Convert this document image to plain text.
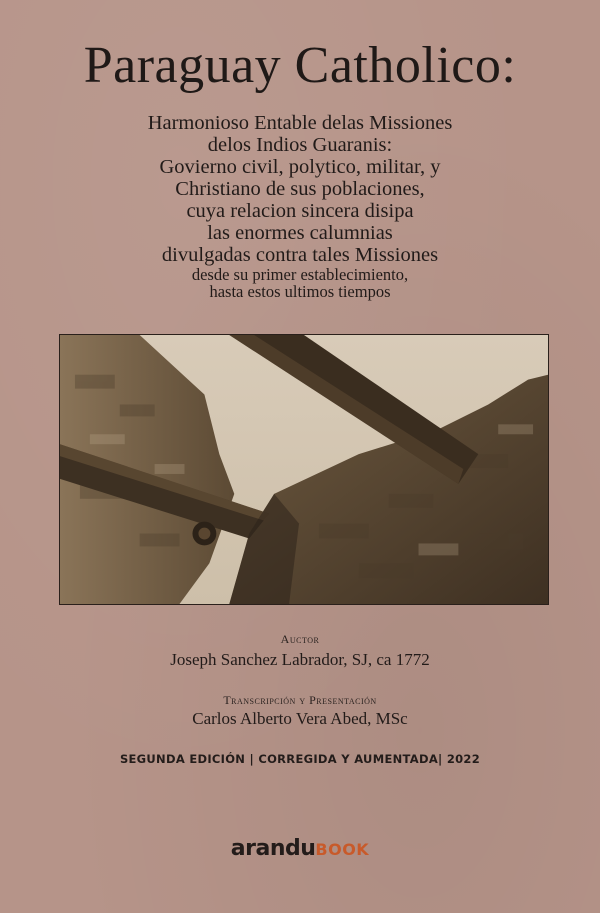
Paraguay Catholico:
Harmonioso Entable delas Missiones
delos Indios Guaranis:
Govierno civil, polytico, militar, y
Christiano de sus poblaciones,
cuya relacion sincera disipa
las enormes calumnias
divulgadas contra tales Missiones
desde su primer establecimiento,
hasta estos ultimos tiempos
Auctor
Joseph Sanchez Labrador, SJ, ca 1772
Transcripción y Presentación
Carlos Alberto Vera Abed, MSc
SEGUNDA EDICIÓN | CORREGIDA Y AUMENTADA| 2022
aranduBOOK
